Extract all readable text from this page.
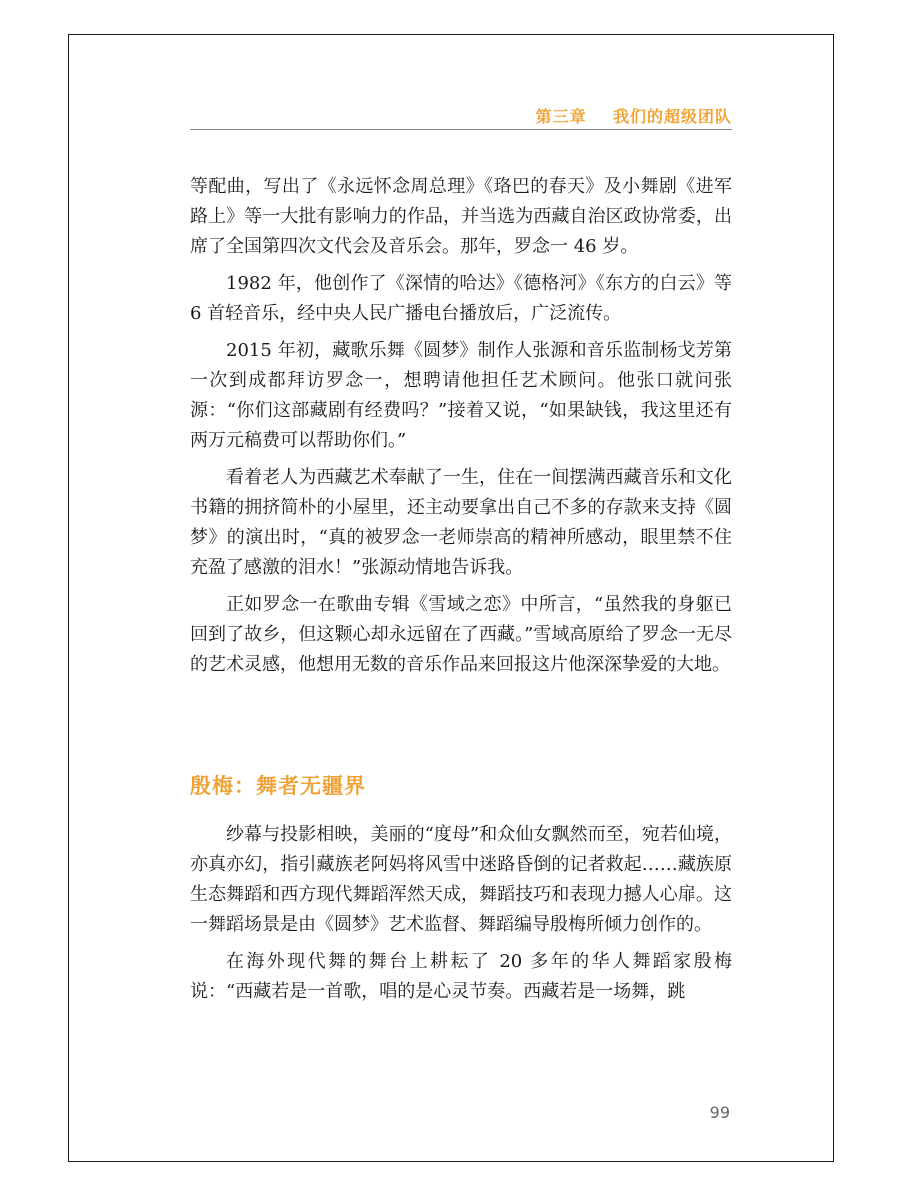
第三章 我们的超级团队

等配曲，写出了《永远怀念周总理》《珞巴的春天》及小舞剧《进军路上》等一大批有影响力的作品，并当选为西藏自治区政协常委，出席了全国第四次文代会及音乐会。那年，罗念一 46 岁。

1982 年，他创作了《深情的哈达》《德格河》《东方的白云》等 6 首轻音乐，经中央人民广播电台播放后，广泛流传。

2015 年初，藏歌乐舞《圆梦》制作人张源和音乐监制杨戈芳第一次到成都拜访罗念一，想聘请他担任艺术顾问。他张口就问张源：“你们这部藏剧有经费吗？”接着又说，“如果缺钱，我这里还有两万元稿费可以帮助你们。”

看着老人为西藏艺术奉献了一生，住在一间摆满西藏音乐和文化书籍的拥挤简朴的小屋里，还主动要拿出自己不多的存款来支持《圆梦》的演出时，“真的被罗念一老师崇高的精神所感动，眼里禁不住充盈了感激的泪水！”张源动情地告诉我。

正如罗念一在歌曲专辑《雪域之恋》中所言，“虽然我的身躯已回到了故乡，但这颗心却永远留在了西藏。”雪域高原给了罗念一无尽的艺术灵感，他想用无数的音乐作品来回报这片他深深挚爱的大地。

殷梅：舞者无疆界

纱幕与投影相映，美丽的“度母”和众仙女飘然而至，宛若仙境，亦真亦幻，指引藏族老阿妈将风雪中迷路昏倒的记者救起……藏族原生态舞蹈和西方现代舞蹈浑然天成，舞蹈技巧和表现力撼人心扉。这一舞蹈场景是由《圆梦》艺术监督、舞蹈编导殷梅所倾力创作的。

在海外现代舞的舞台上耕耘了 20 多年的华人舞蹈家殷梅说：“西藏若是一首歌，唱的是心灵节奏。西藏若是一场舞，跳

99
